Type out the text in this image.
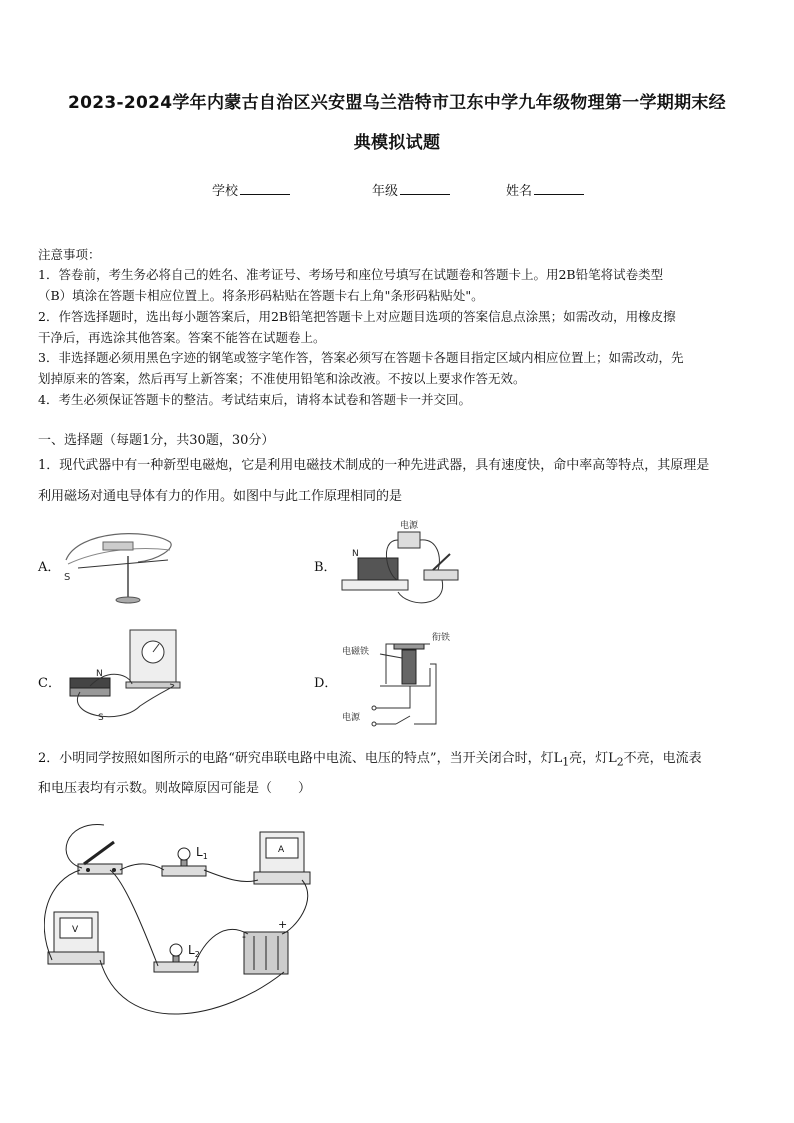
2023-2024学年内蒙古自治区兴安盟乌兰浩特市卫东中学九年级物理第一学期期末经
典模拟试题
学校	年级	姓名
注意事项：
1．答卷前，考生务必将自己的姓名、准考证号、考场号和座位号填写在试题卷和答题卡上。用2B铅笔将试卷类型
（B）填涂在答题卡相应位置上。将条形码粘贴在答题卡右上角"条形码粘贴处"。
2．作答选择题时，选出每小题答案后，用2B铅笔把答题卡上对应题目选项的答案信息点涂黑；如需改动，用橡皮擦
干净后，再选涂其他答案。答案不能答在试题卷上。
3．非选择题必须用黑色字迹的钢笔或签字笔作答，答案必须写在答题卡各题目指定区域内相应位置上；如需改动，先
划掉原来的答案，然后再写上新答案；不准使用铅笔和涂改液。不按以上要求作答无效。
4．考生必须保证答题卡的整洁。考试结束后，请将本试卷和答题卡一并交回。
一、选择题（每题1分，共30题，30分）
1．现代武器中有一种新型电磁炮，它是利用电磁技术制成的一种先进武器，具有速度快，命中率高等特点，其原理是
利用磁场对通电导体有力的作用。如图中与此工作原理相同的是
A．	B．
C．	D．
S
电源
N
N
S
电磁铁
衔铁
电源
2．小明同学按照如图所示的电路“研究串联电路中电流、电压的特点”，当开关闭合时，灯$L_1$亮，灯$L_2$不亮，电流表
和电压表均有示数。则故障原因可能是（　　）
$L_1$
A
+
-
V
$L_2$
